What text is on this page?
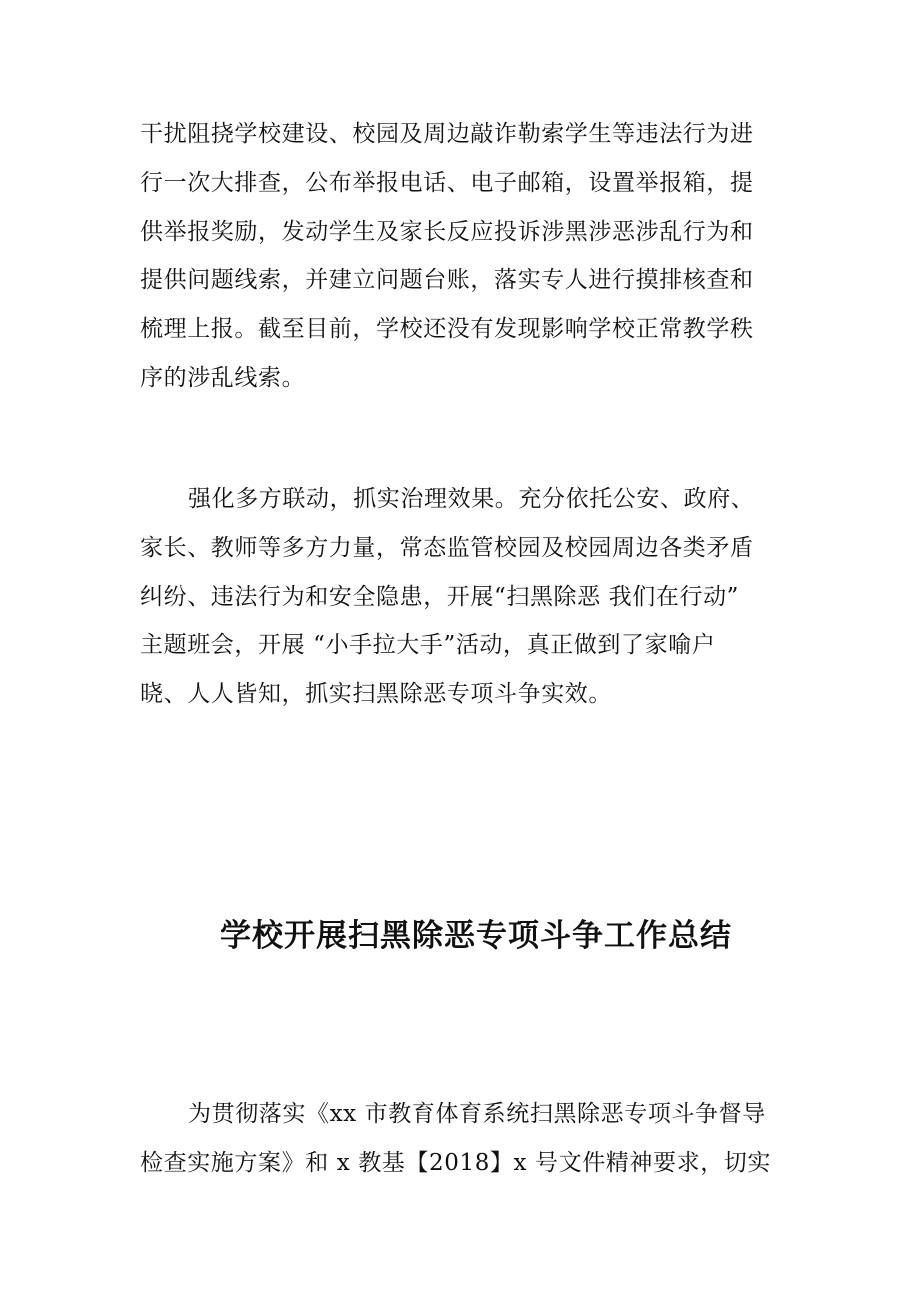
干扰阻挠学校建设、校园及周边敲诈勒索学生等违法行为进
行一次大排查，公布举报电话、电子邮箱，设置举报箱，提
供举报奖励，发动学生及家长反应投诉涉黑涉恶涉乱行为和
提供问题线索，并建立问题台账，落实专人进行摸排核查和
梳理上报。截至目前，学校还没有发现影响学校正常教学秩
序的涉乱线索。
强化多方联动，抓实治理效果。充分依托公安、政府、
家长、教师等多方力量，常态监管校园及校园周边各类矛盾
纠纷、违法行为和安全隐患，开展“扫黑除恶 我们在行动”
主题班会，开展 “小手拉大手”活动，真正做到了家喻户
晓、人人皆知，抓实扫黑除恶专项斗争实效。
学校开展扫黑除恶专项斗争工作总结
为贯彻落实《xx 市教育体育系统扫黑除恶专项斗争督导
检查实施方案》和 x 教基【2018】x 号文件精神要求，切实
